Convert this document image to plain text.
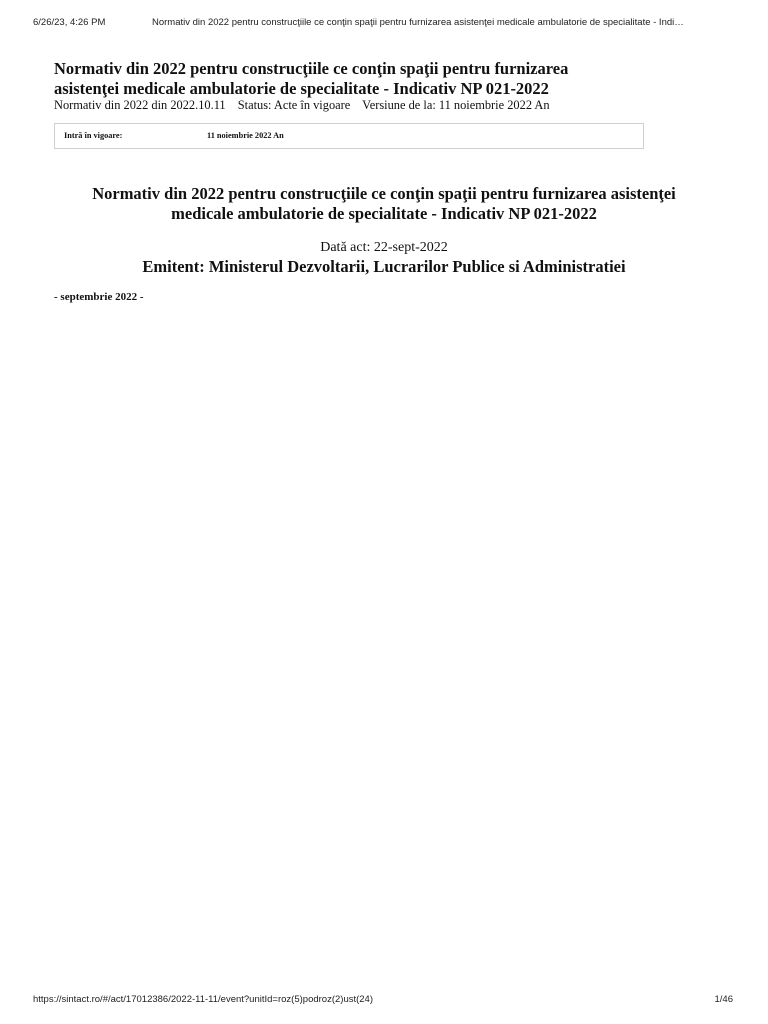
6/26/23, 4:26 PM	Normativ din 2022 pentru construcţiile ce conţin spaţii pentru furnizarea asistenţei medicale ambulatorie de specialitate - Indi…
Normativ din 2022 pentru construcţiile ce conţin spaţii pentru furnizarea
asistenţei medicale ambulatorie de specialitate - Indicativ NP 021-2022
Normativ din 2022 din 2022.10.11 Status: Acte în vigoare Versiune de la: 11 noiembrie 2022 An
Intră în vigoare:	11 noiembrie 2022 An
Normativ din 2022 pentru construcţiile ce conţin spaţii pentru furnizarea asistenţei
medicale ambulatorie de specialitate - Indicativ NP 021-2022
Dată act: 22-sept-2022
Emitent: Ministerul Dezvoltarii, Lucrarilor Publice si Administratiei
- septembrie 2022 -
https://sintact.ro/#/act/17012386/2022-11-11/event?unitId=roz(5)podroz(2)ust(24)	1/46
